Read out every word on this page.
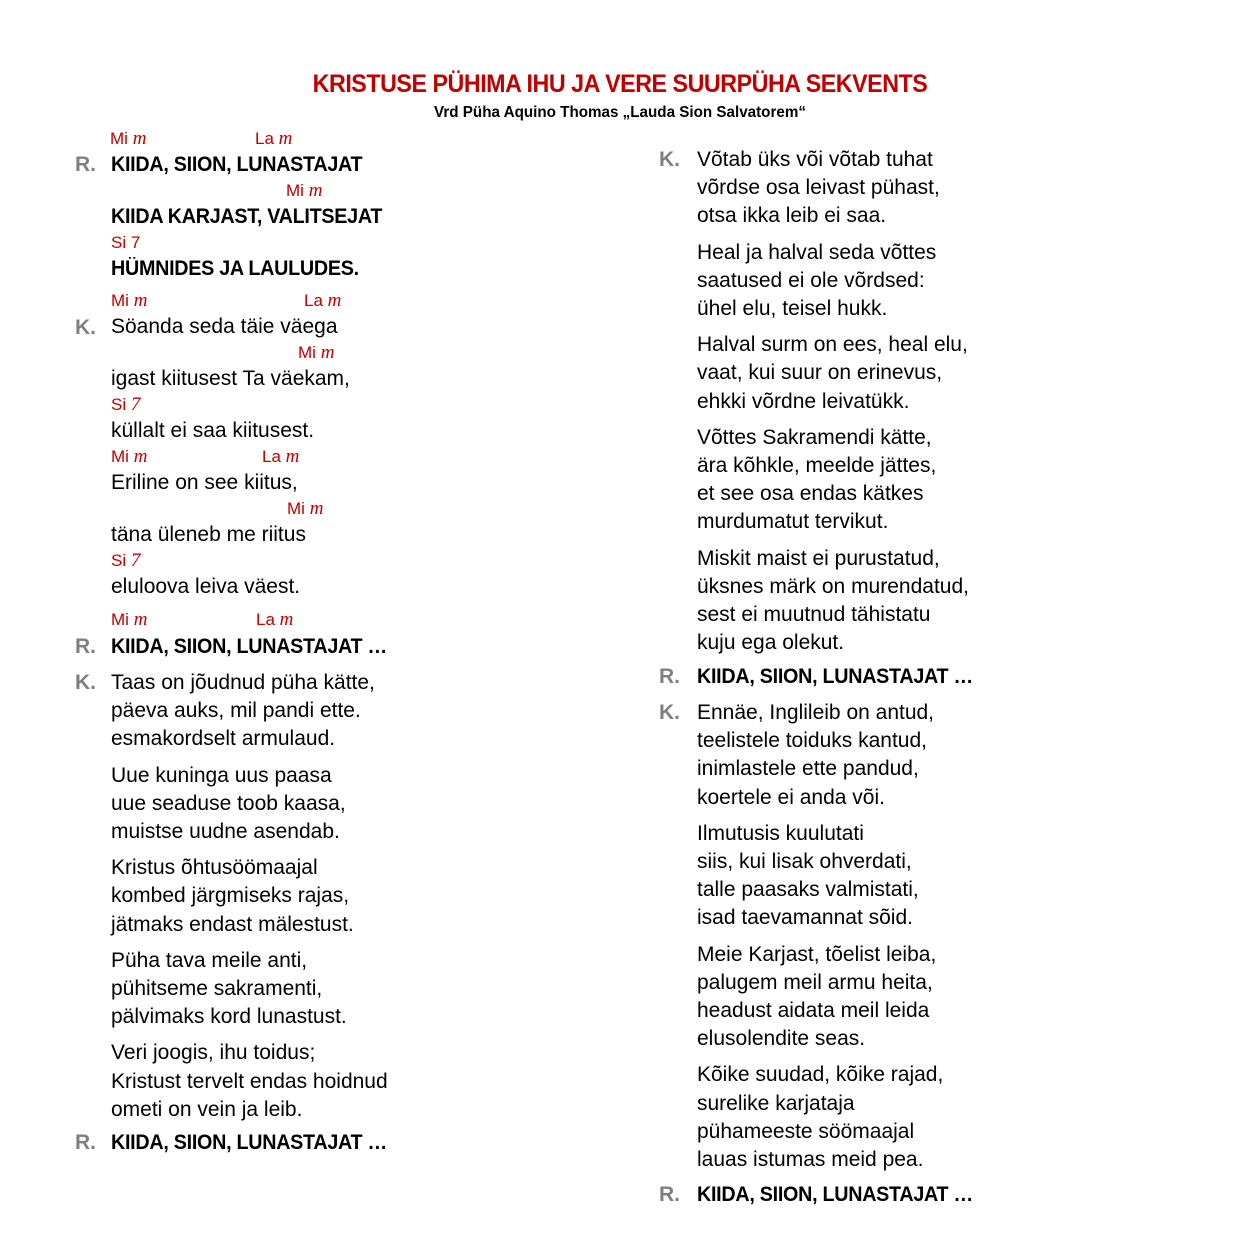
KRISTUSE PÜHIMA IHU JA VERE SUURPÜHA SEKVENTS
Vrd Püha Aquino Thomas „Lauda Sion Salvatorem“
Mi m	La m
R. KIIDA, SIION, LUNASTAJAT
Mi m
KIIDA KARJAST, VALITSEJAT
Si 7
HÜMNIDES JA LAULUDES.
Mi m	La m
K. Söanda seda täie väega
Mi m
igast kiitusest Ta väekam,
Si 7
küllalt ei saa kiitusest.
Mi m	La m
Eriline on see kiitus,
Mi m
täna üleneb me riitus
Si 7
eluloova leiva väest.
Mi m	La m
R. KIIDA, SIION, LUNASTAJAT …
K. Taas on jõudnud püha kätte,
päeva auks, mil pandi ette.
esmakordselt armulaud.
Uue kuninga uus paasa
uue seaduse toob kaasa,
muistse uudne asendab.
Kristus õhtusöömaajal
kombed järgmiseks rajas,
jätmaks endast mälestust.
Püha tava meile anti,
pühitseme sakramenti,
pälvimaks kord lunastust.
Veri joogis, ihu toidus;
Kristust tervelt endas hoidnud
ometi on vein ja leib.
R. KIIDA, SIION, LUNASTAJAT …
K. Võtab üks või võtab tuhat
võrdse osa leivast pühast,
otsa ikka leib ei saa.
Heal ja halval seda võttes
saatused ei ole võrdsed:
ühel elu, teisel hukk.
Halval surm on ees, heal elu,
vaat, kui suur on erinevus,
ehkki võrdne leivatükk.
Võttes Sakramendi kätte,
ära kõhkle, meelde jättes,
et see osa endas kätkes
murdumatut tervikut.
Miskit maist ei purustatud,
üksnes märk on murendatud,
sest ei muutnud tähistatu
kuju ega olekut.
R. KIIDA, SIION, LUNASTAJAT …
K. Ennäe, Inglileib on antud,
teelistele toiduks kantud,
inimlastele ette pandud,
koertele ei anda või.
Ilmutusis kuulutati
siis, kui lisak ohverdati,
talle paasaks valmistati,
isad taevamannat sõid.
Meie Karjast, tõelist leiba,
palugem meil armu heita,
headust aidata meil leida
elusolendite seas.
Kõike suudad, kõike rajad,
surelike karjataja
pühameeste söömaajal
lauas istumas meid pea.
R. KIIDA, SIION, LUNASTAJAT …
